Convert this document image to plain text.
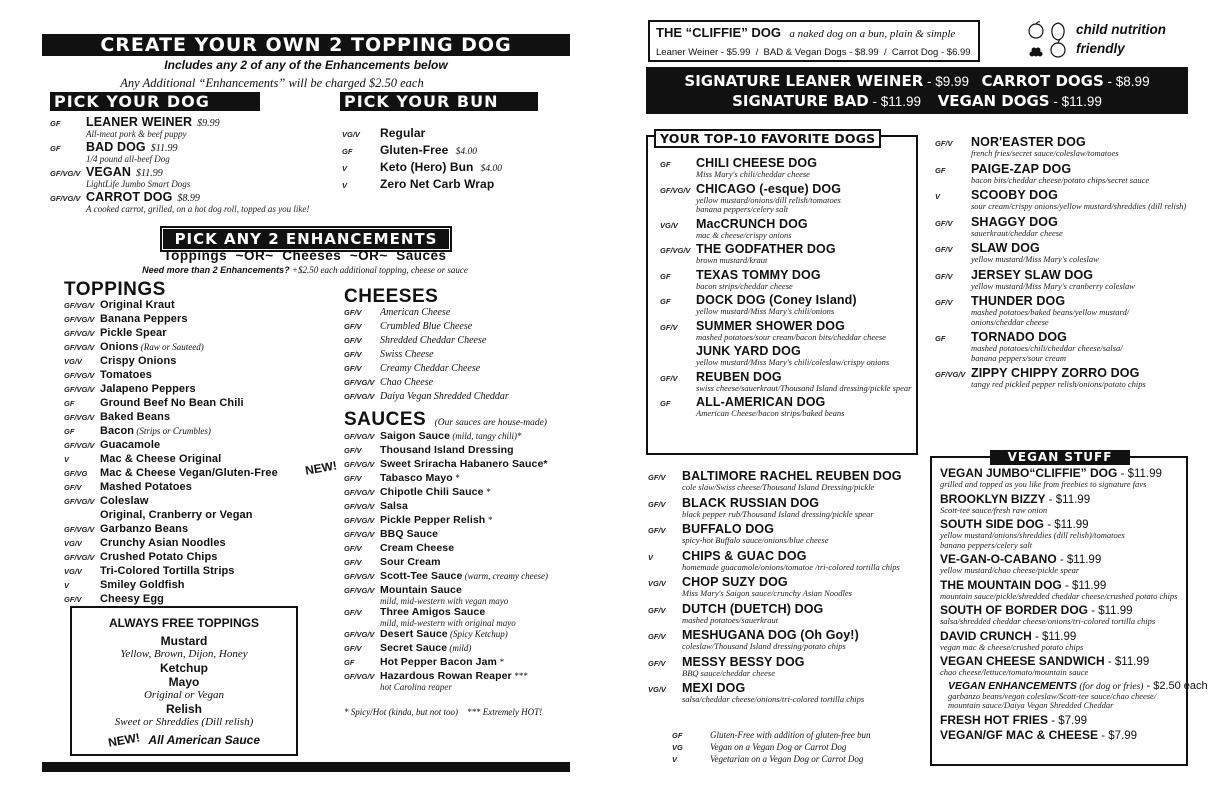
CREATE YOUR OWN 2 TOPPING DOG
Includes any 2 of any of the Enhancements below
Any Additional “Enhancements” will be charged $2.50 each
PICK YOUR DOG	PICK YOUR BUN
GF	LEANER WEINER $9.99
All-meat pork & beef puppy
GF	BAD DOG $11.99
1/4 pound all-beef Dog
GF/VG/V VEGAN $11.99
LightLife Jumbo Smart Dogs
GF/VG/V CARROT DOG $8.99
A cooked carrot, grilled, on a hot dog roll, topped as you like!
VG/V	Regular
GF	Gluten-Free $4.00
V	Keto (Hero) Bun $4.00
V	Zero Net Carb Wrap
PICK ANY 2 ENHANCEMENTS
Toppings  ~OR~  Cheeses  ~OR~  Sauces
Need more than 2 Enhancements? +$2.50 each additional topping, cheese or sauce
TOPPINGS
GF/VG/V Original Kraut
GF/VG/V Banana Peppers
GF/VG/V Pickle Spear
GF/VG/V Onions (Raw or Sauteed)
VG/V	Crispy Onions
GF/VG/V Tomatoes
GF/VG/V Jalapeno Peppers
GF	Ground Beef No Bean Chili
GF/VG/V Baked Beans
GF	Bacon (Strips or Crumbles)
GF/VG/V Guacamole
V	Mac & Cheese Original
GF/VG	Mac & Cheese Vegan/Gluten-Free
GF/V	Mashed Potatoes
GF/VG/V Coleslaw
Original, Cranberry or Vegan
GF/VG/V Garbanzo Beans
VG/V	Crunchy Asian Noodles
GF/VG/V Crushed Potato Chips
VG/V	Tri-Colored Tortilla Strips
V	Smiley Goldfish
GF/V	Cheesy Egg
ALWAYS FREE TOPPINGS
Mustard
Yellow, Brown, Dijon, Honey
Ketchup
Mayo
Original or Vegan
Relish
Sweet or Shreddies (Dill relish)
NEW! All American Sauce
CHEESES
GF/V	American Cheese
GF/V	Crumbled Blue Cheese
GF/V	Shredded Cheddar Cheese
GF/V	Swiss Cheese
GF/V	Creamy Cheddar Cheese
GF/VG/V Chao Cheese
GF/VG/V Daiya Vegan Shredded Cheddar
SAUCES (Our sauces are house-made)
GF/VG/V Saigon Sauce (mild, tangy chili)*
GF/V	Thousand Island Dressing
GF/VG/V Sweet Sriracha Habanero Sauce*
GF/V	Tabasco Mayo *
GF/VG/V Chipotle Chili Sauce *
GF/VG/V Salsa
GF/VG/V Pickle Pepper Relish *
GF/VG/V BBQ Sauce
GF/V	Cream Cheese
GF/V	Sour Cream
GF/VG/V Scott-Tee Sauce (warm, creamy cheese)
GF/VG/V Mountain Sauce
mild, mid-western with vegan mayo
GF/V	Three Amigos Sauce
mild, mid-western with original mayo
GF/VG/V Desert Sauce (Spicy Ketchup)
GF/V	Secret Sauce (mild)
GF	Hot Pepper Bacon Jam *
GF/VG/V Hazardous Rowan Reaper ***
hot Carolina reaper
NEW!
* Spicy/Hot (kinda, but not too)    *** Extremely HOT!
THE “CLIFFIE” DOG a naked dog on a bun, plain & simple
Leaner Weiner - $5.99  /  BAD & Vegan Dogs - $8.99  /  Carrot Dog - $6.99
child nutrition friendly
SIGNATURE LEANER WEINER - $9.99 CARROT DOGS - $8.99
SIGNATURE BAD - $11.99 VEGAN DOGS - $11.99
YOUR TOP-10 FAVORITE DOGS
GF	CHILI CHEESE DOG
Miss Mary's chili/cheddar cheese
GF/VG/V CHICAGO (-esque) DOG
yellow mustard/onions/dill relish/tomatoes
banana peppers/celery salt
VG/V	MacCRUNCH DOG
mac & cheese/crispy onions
GF/VG/V THE GODFATHER DOG
brown mustard/kraut
GF	TEXAS TOMMY DOG
bacon strips/cheddar cheese
GF	DOCK DOG (Coney Island)
yellow mustard/Miss Mary's chili/onions
GF/V	SUMMER SHOWER DOG
mashed potatoes/sour cream/bacon bits/cheddar cheese
JUNK YARD DOG
yellow mustard/Miss Mary's chili/coleslaw/crispy onions
GF/V	REUBEN DOG
swiss cheese/sauerkraut/Thousand Island dressing/pickle spear
GF	ALL-AMERICAN DOG
American Cheese/bacon strips/baked beans
GF/V	NOR'EASTER DOG
french fries/secret sauce/coleslaw/tomatoes
GF	PAIGE-ZAP DOG
bacon bits/cheddar cheese/potato chips/secret sauce
V	SCOOBY DOG
sour cream/crispy onions/yellow mustard/shreddies (dill relish)
GF/V	SHAGGY DOG
sauerkraut/cheddar cheese
GF/V	SLAW DOG
yellow mustard/Miss Mary's coleslaw
GF/V	JERSEY SLAW DOG
yellow mustard/Miss Mary's cranberry coleslaw
GF/V	THUNDER DOG
mashed potatoes/baked beans/yellow mustard/
onions/cheddar cheese
GF	TORNADO DOG
mashed potatoes/chili/cheddar cheese/salsa/
banana peppers/sour cream
GF/VG/V ZIPPY CHIPPY ZORRO DOG
tangy red pickled pepper relish/onions/potato chips
GF/V	BALTIMORE RACHEL REUBEN DOG
cole slaw/Swiss cheese/Thousand Island Dressing/pickle
GF/V	BLACK RUSSIAN DOG
black pepper rub/Thousand Island dressing/pickle spear
GF/V	BUFFALO DOG
spicy-hot Buffalo sauce/onions/blue cheese
V	CHIPS & GUAC DOG
homemade guacamole/onions/tomatoe /tri-colored tortilla chips
VG/V	CHOP SUZY DOG
Miss Mary's Saigon sauce/crunchy Asian Noodles
GF/V	DUTCH (DUETCH) DOG
mashed potatoes/sauerkraut
GF/V	MESHUGANA DOG (Oh Goy!)
coleslaw/Thousand Island dressing/potato chips
GF/V	MESSY BESSY DOG
BBQ sauce/cheddar cheese
VG/V	MEXI DOG
salsa/cheddar cheese/onions/tri-colored tortilla chips
GF	Gluten-Free with addition of gluten-free bun
VG	Vegan on a Vegan Dog or Carrot Dog
V	Vegetarian on a Vegan Dog or Carrot Dog
VEGAN STUFF
VEGAN JUMBO“CLIFFIE” DOG - $11.99
grilled and topped as you like from freebies to signature favs
BROOKLYN BIZZY - $11.99
Scott-tee sauce/fresh raw onion
SOUTH SIDE DOG - $11.99
yellow mustard/onions/shreddies (dill relish)/tomatoes
banana peppers/celery salt
VE-GAN-O-CABANO - $11.99
yellow mustard/chao cheese/pickle spear
THE MOUNTAIN DOG - $11.99
mountain sauce/pickle/shredded cheddar cheese/crushed potato chips
SOUTH OF BORDER DOG - $11.99
salsa/shredded cheddar cheese/onions/tri-colored tortilla chips
DAVID CRUNCH - $11.99
vegan mac & cheese/crushed potato chips
VEGAN CHEESE SANDWICH - $11.99
chao cheese/lettuce/tomato/mountain sauce
VEGAN ENHANCEMENTS (for dog or fries) - $2.50 each
garbanzo beans/vegan coleslaw/Scott-tee sauce/chao cheese/
mountain sauce/Daiya Vegan Shredded Cheddar
FRESH HOT FRIES - $7.99
VEGAN/GF MAC & CHEESE - $7.99
